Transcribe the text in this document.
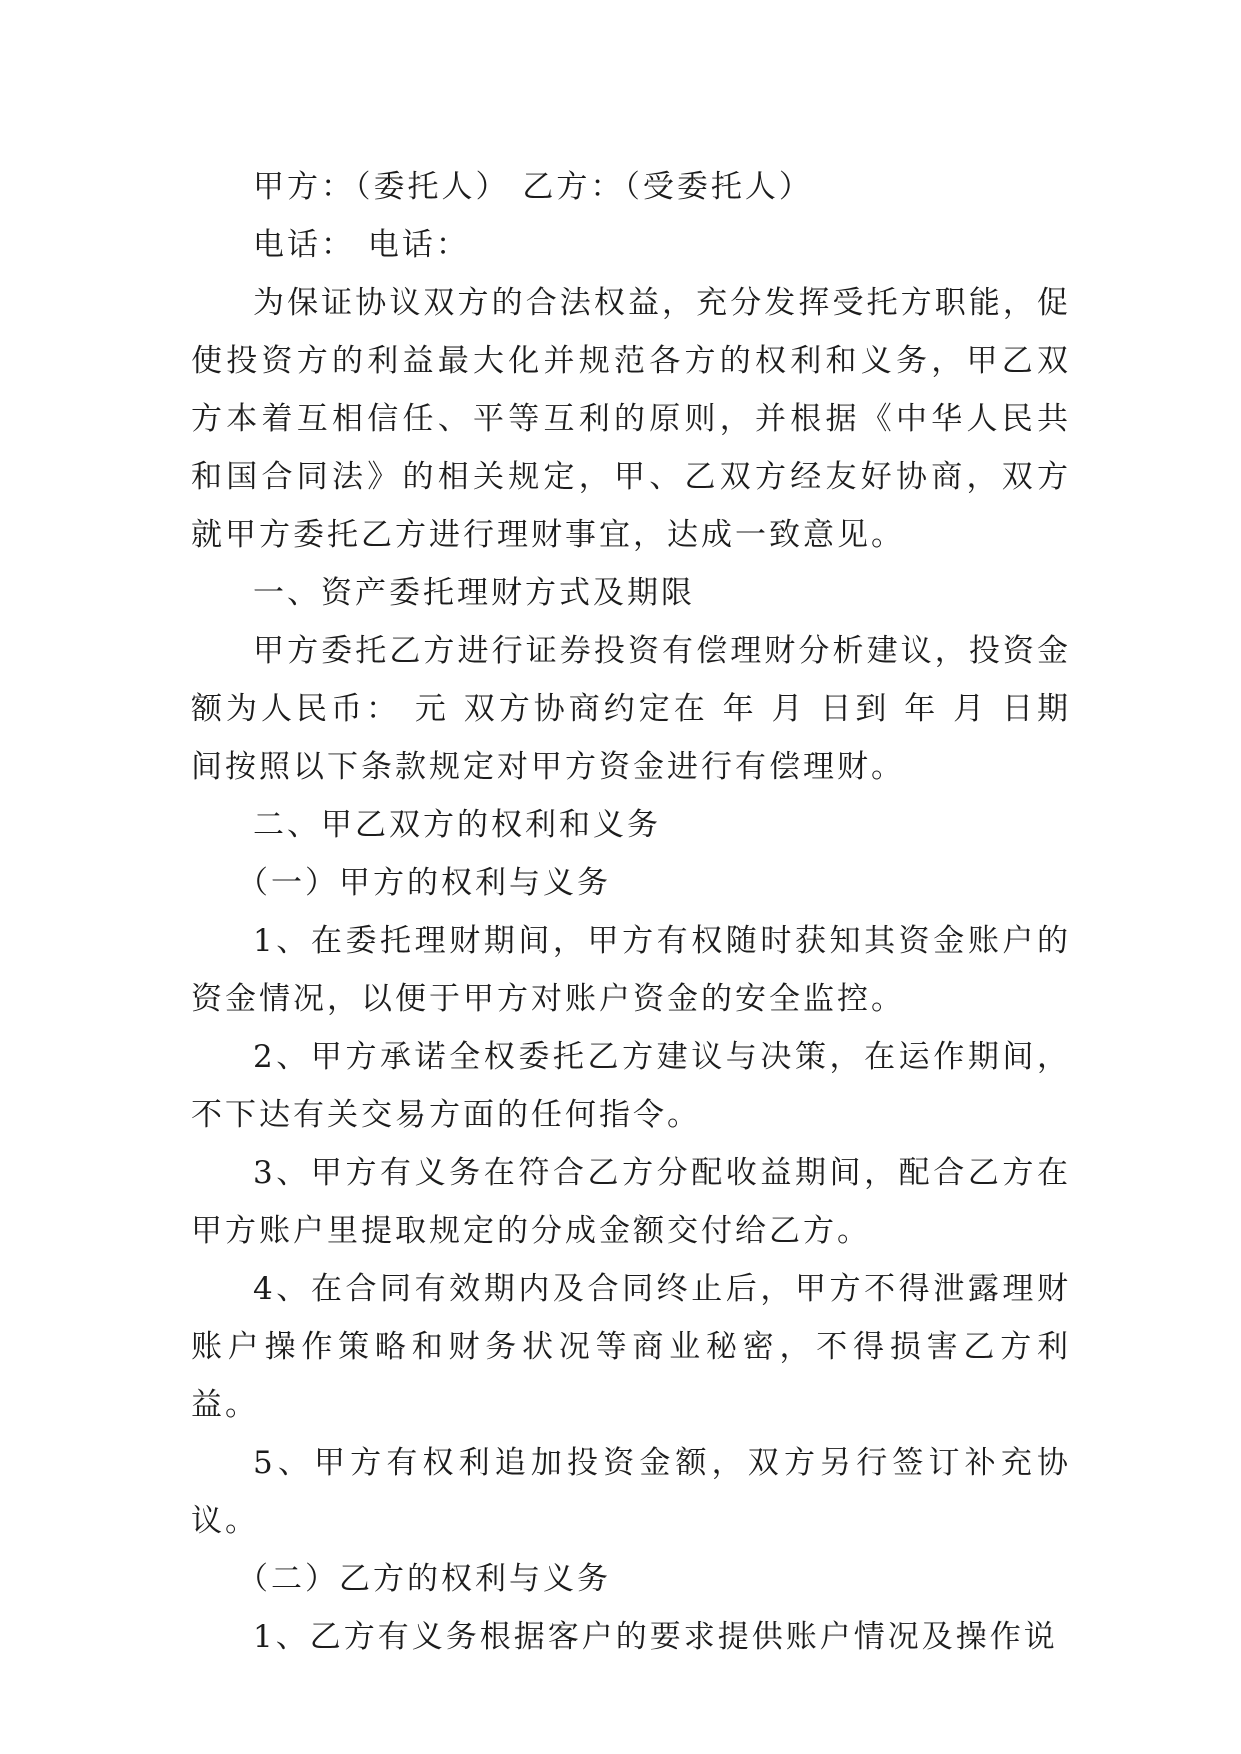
甲方：（委托人） 乙方：（受委托人）

电话： 电话：

为保证协议双方的合法权益，充分发挥受托方职能，促使投资方的利益最大化并规范各方的权利和义务，甲乙双方本着互相信任、平等互利的原则，并根据《中华人民共和国合同法》的相关规定，甲、乙双方经友好协商，双方就甲方委托乙方进行理财事宜，达成一致意见。

一、资产委托理财方式及期限

甲方委托乙方进行证券投资有偿理财分析建议，投资金额为人民币： 元 双方协商约定在 年 月 日到 年 月 日期间按照以下条款规定对甲方资金进行有偿理财。

二、甲乙双方的权利和义务

（一）甲方的权利与义务

1、在委托理财期间，甲方有权随时获知其资金账户的资金情况，以便于甲方对账户资金的安全监控。

2、甲方承诺全权委托乙方建议与决策，在运作期间，不下达有关交易方面的任何指令。

3、甲方有义务在符合乙方分配收益期间，配合乙方在甲方账户里提取规定的分成金额交付给乙方。

4、在合同有效期内及合同终止后，甲方不得泄露理财账户操作策略和财务状况等商业秘密，不得损害乙方利益。

5、甲方有权利追加投资金额，双方另行签订补充协议。

（二）乙方的权利与义务

1、乙方有义务根据客户的要求提供账户情况及操作说
